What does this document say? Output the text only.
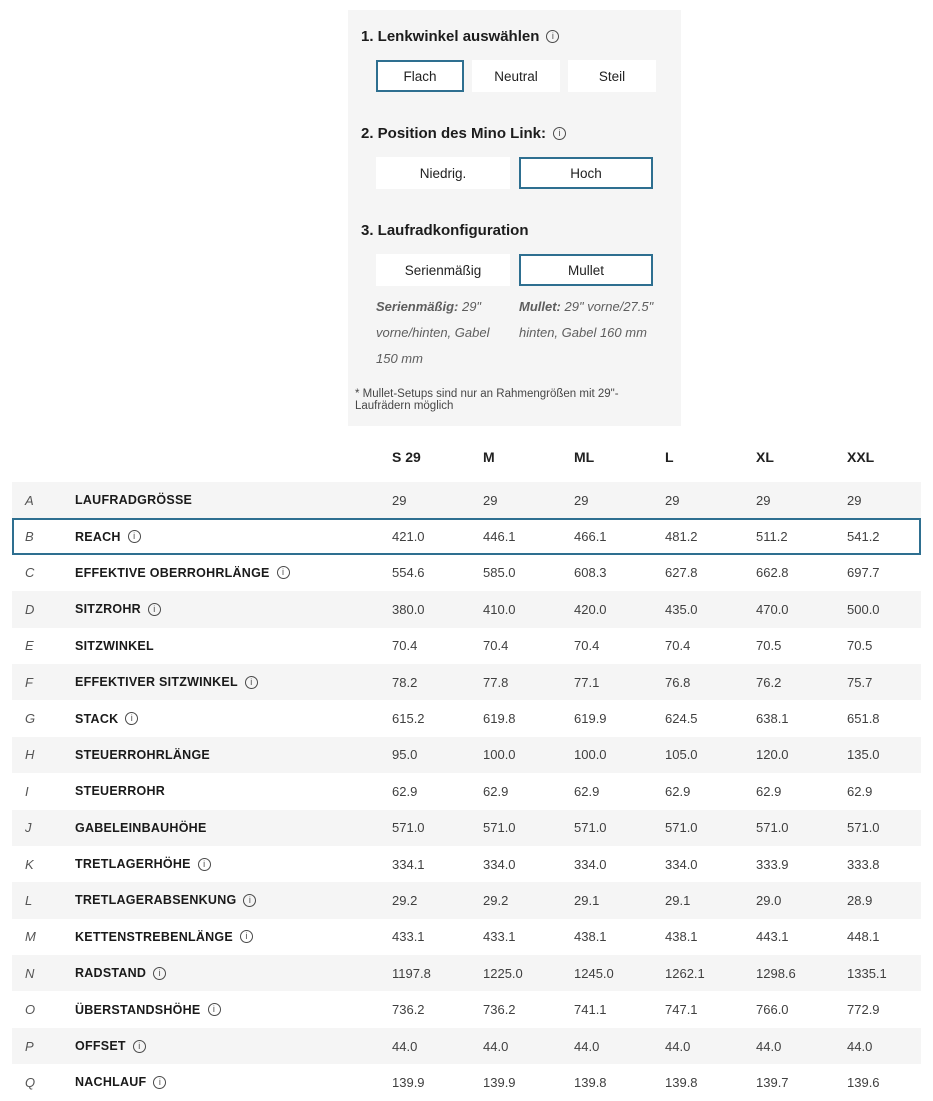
1. Lenkwinkel auswählen	i
Flach	Neutral	Steil
2. Position des Mino Link:	i
Niedrig.	Hoch
3. Laufradkonfiguration
Serienmäßig	Mullet
Serienmäßig: 29" vorne/hinten, Gabel 150 mm
Mullet: 29" vorne/27.5" hinten, Gabel 160 mm
* Mullet-Setups sind nur an Rahmengrößen mit 29"-Laufrädern möglich
S 29	M	ML	L	XL	XXL
A	LAUFRADGRÖSSE	29	29	29	29	29	29
B	REACH	i	421.0	446.1	466.1	481.2	511.2	541.2
C	EFFEKTIVE OBERROHRLÄNGE	i	554.6	585.0	608.3	627.8	662.8	697.7
D	SITZROHR	i	380.0	410.0	420.0	435.0	470.0	500.0
E	SITZWINKEL	70.4	70.4	70.4	70.4	70.5	70.5
F	EFFEKTIVER SITZWINKEL	i	78.2	77.8	77.1	76.8	76.2	75.7
G	STACK	i	615.2	619.8	619.9	624.5	638.1	651.8
H	STEUERROHRLÄNGE	95.0	100.0	100.0	105.0	120.0	135.0
I	STEUERROHR	62.9	62.9	62.9	62.9	62.9	62.9
J	GABELEINBAUHÖHE	571.0	571.0	571.0	571.0	571.0	571.0
K	TRETLAGERHÖHE	i	334.1	334.0	334.0	334.0	333.9	333.8
L	TRETLAGERABSENKUNG	i	29.2	29.2	29.1	29.1	29.0	28.9
M	KETTENSTREBENLÄNGE	i	433.1	433.1	438.1	438.1	443.1	448.1
N	RADSTAND	i	1197.8	1225.0	1245.0	1262.1	1298.6	1335.1
O	ÜBERSTANDSHÖHE	i	736.2	736.2	741.1	747.1	766.0	772.9
P	OFFSET	i	44.0	44.0	44.0	44.0	44.0	44.0
Q	NACHLAUF	i	139.9	139.9	139.8	139.8	139.7	139.6
